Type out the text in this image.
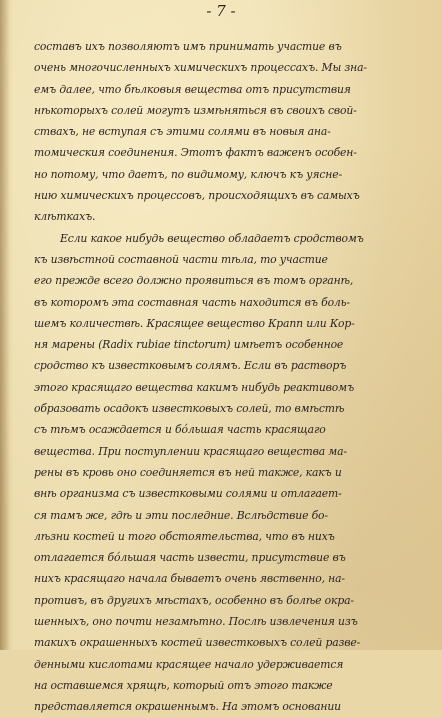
- 7 -
составъ ихъ позволяютъ имъ принимать участие въ
очень многочисленныхъ химическихъ процессахъ. Мы зна-
емъ далее, что бѣлковыя вещества отъ присутствия
нѣкоторыхъ солей могутъ измѣняться въ своихъ свой-
ствахъ, не вступая съ этими солями въ новыя ана-
томическия соединения. Этотъ фактъ важенъ особен-
но потому, что даетъ, по видимому, ключъ къ уясне-
нию химическихъ процессовъ, происходящихъ въ самыхъ
клѣткахъ.
Если какое нибудь вещество обладаетъ сродствомъ
къ извѣстной составной части тѣла, то участие
его прежде всего должно проявиться въ томъ органѣ,
въ которомъ эта составная часть находится въ боль-
шемъ количествѣ. Красящее вещество Крапп или Кор-
ня марены (Radix rubiae tinctorum) имѣетъ особенное
сродство къ известковымъ солямъ. Если въ растворъ
этого красящаго вещества какимъ нибудь реактивомъ
образовать осадокъ известковыхъ солей, то вмѣстѣ
съ тѣмъ осаждается и бóльшая часть красящаго
вещества. При поступлении красящаго вещества ма-
рены въ кровь оно соединяется въ ней также, какъ и
внѣ организма съ известковыми солями и отлагает-
ся тамъ же, гдѣ и эти последние. Вслѣдствие бо-
лѣзни костей и того обстоятельства, что въ нихъ
отлагается бóльшая часть извести, присутствие въ
нихъ красящаго начала бываетъ очень явственно, на-
противъ, въ другихъ мѣстахъ, особенно въ болѣе окра-
шенныхъ, оно почти незамѣтно. Послѣ извлечения изъ
такихъ окрашенныхъ костей известковыхъ солей разве-
денными кислотами красящее начало удерживается
на оставшемся хрящѣ, который отъ этого также
представляется окрашеннымъ. На этомъ основании
